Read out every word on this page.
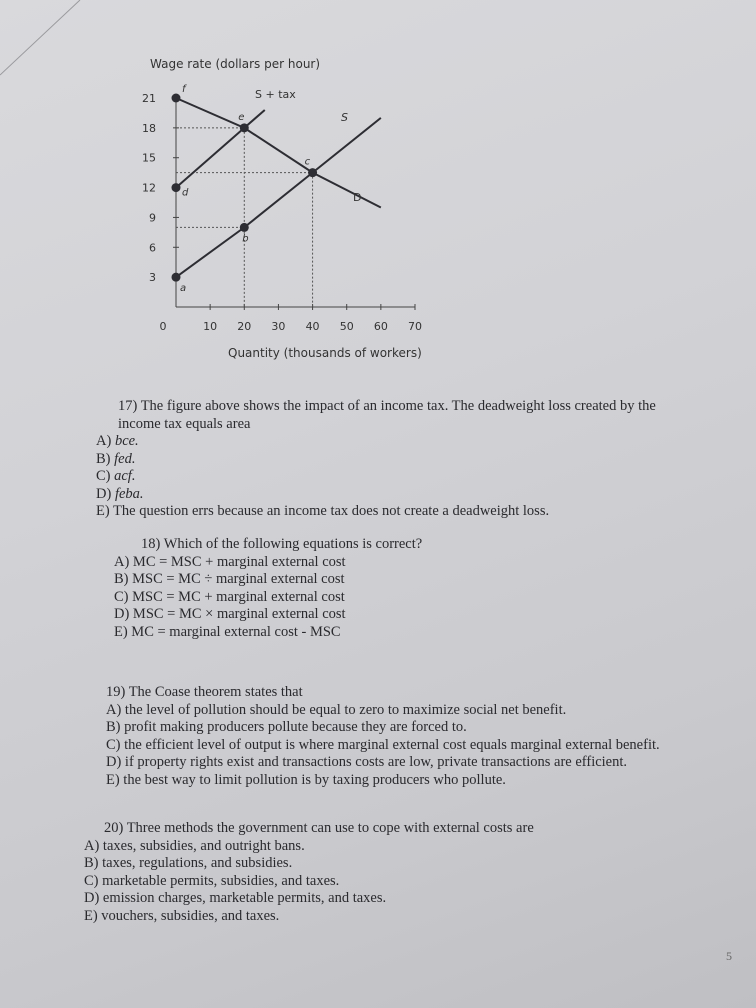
Wage rate (dollars per hour)
Quantity (thousands of workers)
21
18
15
12
9
6
3
0	10 20 30 40 50 60 70
S + tax
S
D
a
b
c
d
e
f
17) The figure above shows the impact of an income tax. The deadweight loss created by the
income tax equals area
A) bce.
B) fed.
C) acf.
D) feba.
E) The question errs because an income tax does not create a deadweight loss.
18) Which of the following equations is correct?
A) MC = MSC + marginal external cost
B) MSC = MC ÷ marginal external cost
C) MSC = MC + marginal external cost
D) MSC = MC × marginal external cost
E) MC = marginal external cost - MSC
19) The Coase theorem states that
A) the level of pollution should be equal to zero to maximize social net benefit.
B) profit making producers pollute because they are forced to.
C) the efficient level of output is where marginal external cost equals marginal external benefit.
D) if property rights exist and transactions costs are low, private transactions are efficient.
E) the best way to limit pollution is by taxing producers who pollute.
20) Three methods the government can use to cope with external costs are
A) taxes, subsidies, and outright bans.
B) taxes, regulations, and subsidies.
C) marketable permits, subsidies, and taxes.
D) emission charges, marketable permits, and taxes.
E) vouchers, subsidies, and taxes.
5
